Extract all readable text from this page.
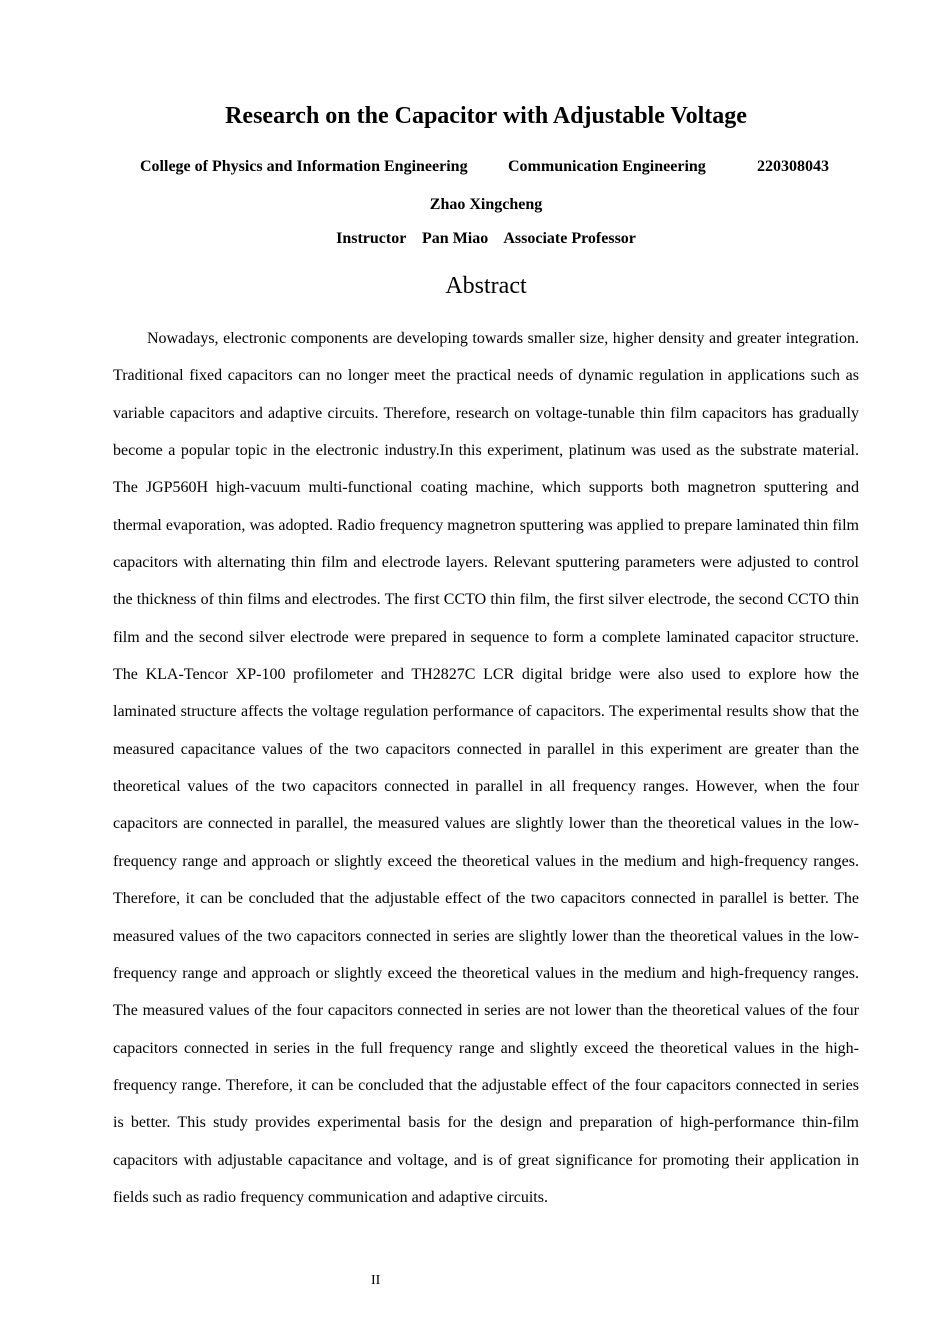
Research on the Capacitor with Adjustable Voltage
College of Physics and Information Engineering	Communication Engineering	220308043
Zhao Xingcheng
Instructor    Pan Miao    Associate Professor
Abstract

Nowadays, electronic components are developing towards smaller size, higher density and greater integration. Traditional fixed capacitors can no longer meet the practical needs of dynamic regulation in applications such as variable capacitors and adaptive circuits. Therefore, research on voltage-tunable thin film capacitors has gradually become a popular topic in the electronic industry.In this experiment, platinum was used as the substrate material. The JGP560H high-vacuum multi-functional coating machine, which supports both magnetron sputtering and thermal evaporation, was adopted. Radio frequency magnetron sputtering was applied to prepare laminated thin film capacitors with alternating thin film and electrode layers. Relevant sputtering parameters were adjusted to control the thickness of thin films and electrodes. The first CCTO thin film, the first silver electrode, the second CCTO thin film and the second silver electrode were prepared in sequence to form a complete laminated capacitor structure. The KLA-Tencor XP-100 profilometer and TH2827C LCR digital bridge were also used to explore how the laminated structure affects the voltage regulation performance of capacitors. The experimental results show that the measured capacitance values of the two capacitors connected in parallel in this experiment are greater than the theoretical values of the two capacitors connected in parallel in all frequency ranges. However, when the four capacitors are connected in parallel, the measured values are slightly lower than the theoretical values in the low-frequency range and approach or slightly exceed the theoretical values in the medium and high-frequency ranges. Therefore, it can be concluded that the adjustable effect of the two capacitors connected in parallel is better. The measured values of the two capacitors connected in series are slightly lower than the theoretical values in the low-frequency range and approach or slightly exceed the theoretical values in the medium and high-frequency ranges. The measured values of the four capacitors connected in series are not lower than the theoretical values of the four capacitors connected in series in the full frequency range and slightly exceed the theoretical values in the high-frequency range. Therefore, it can be concluded that the adjustable effect of the four capacitors connected in series is better. This study provides experimental basis for the design and preparation of high-performance thin-film capacitors with adjustable capacitance and voltage, and is of great significance for promoting their application in fields such as radio frequency communication and adaptive circuits.

II
